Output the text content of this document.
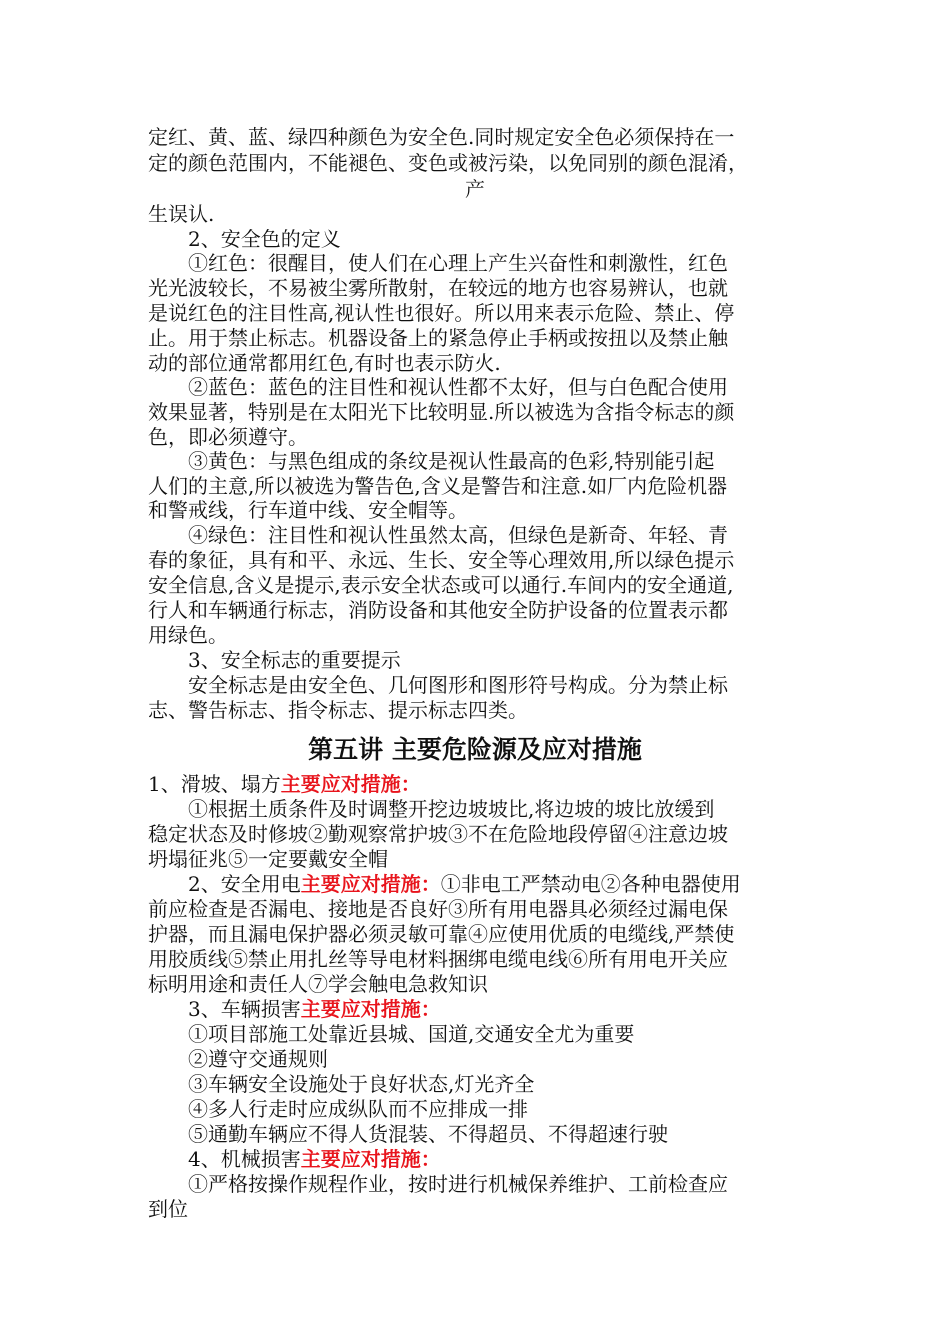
定红、黄、蓝、绿四种颜色为安全色.同时规定安全色必须保持在一
定的颜色范围内，不能褪色、变色或被污染，以免同别的颜色混淆，
产
生误认.
2、安全色的定义
①红色：很醒目，使人们在心理上产生兴奋性和刺激性，红色
光光波较长，不易被尘雾所散射，在较远的地方也容易辨认，也就
是说红色的注目性高,视认性也很好。所以用来表示危险、禁止、停
止。用于禁止标志。机器设备上的紧急停止手柄或按扭以及禁止触
动的部位通常都用红色,有时也表示防火.
②蓝色：蓝色的注目性和视认性都不太好，但与白色配合使用
效果显著，特别是在太阳光下比较明显.所以被选为含指令标志的颜
色，即必须遵守。
③黄色：与黑色组成的条纹是视认性最高的色彩,特别能引起
人们的主意,所以被选为警告色,含义是警告和注意.如厂内危险机器
和警戒线，行车道中线、安全帽等。
④绿色：注目性和视认性虽然太高，但绿色是新奇、年轻、青
春的象征，具有和平、永远、生长、安全等心理效用,所以绿色提示
安全信息,含义是提示,表示安全状态或可以通行.车间内的安全通道,
行人和车辆通行标志，消防设备和其他安全防护设备的位置表示都
用绿色。
3、安全标志的重要提示
安全标志是由安全色、几何图形和图形符号构成。分为禁止标
志、警告标志、指令标志、提示标志四类。
第五讲 主要危险源及应对措施
1、滑坡、塌方主要应对措施：
①根据土质条件及时调整开挖边坡坡比,将边坡的坡比放缓到
稳定状态及时修坡②勤观察常护坡③不在危险地段停留④注意边坡
坍塌征兆⑤一定要戴安全帽
2、安全用电主要应对措施：①非电工严禁动电②各种电器使用
前应检查是否漏电、接地是否良好③所有用电器具必须经过漏电保
护器，而且漏电保护器必须灵敏可靠④应使用优质的电缆线,严禁使
用胶质线⑤禁止用扎丝等导电材料捆绑电缆电线⑥所有用电开关应
标明用途和责任人⑦学会触电急救知识
3、车辆损害主要应对措施：
①项目部施工处靠近县城、国道,交通安全尤为重要
②遵守交通规则
③车辆安全设施处于良好状态,灯光齐全
④多人行走时应成纵队而不应排成一排
⑤通勤车辆应不得人货混装、不得超员、不得超速行驶
4、机械损害主要应对措施：
①严格按操作规程作业，按时进行机械保养维护、工前检查应
到位
